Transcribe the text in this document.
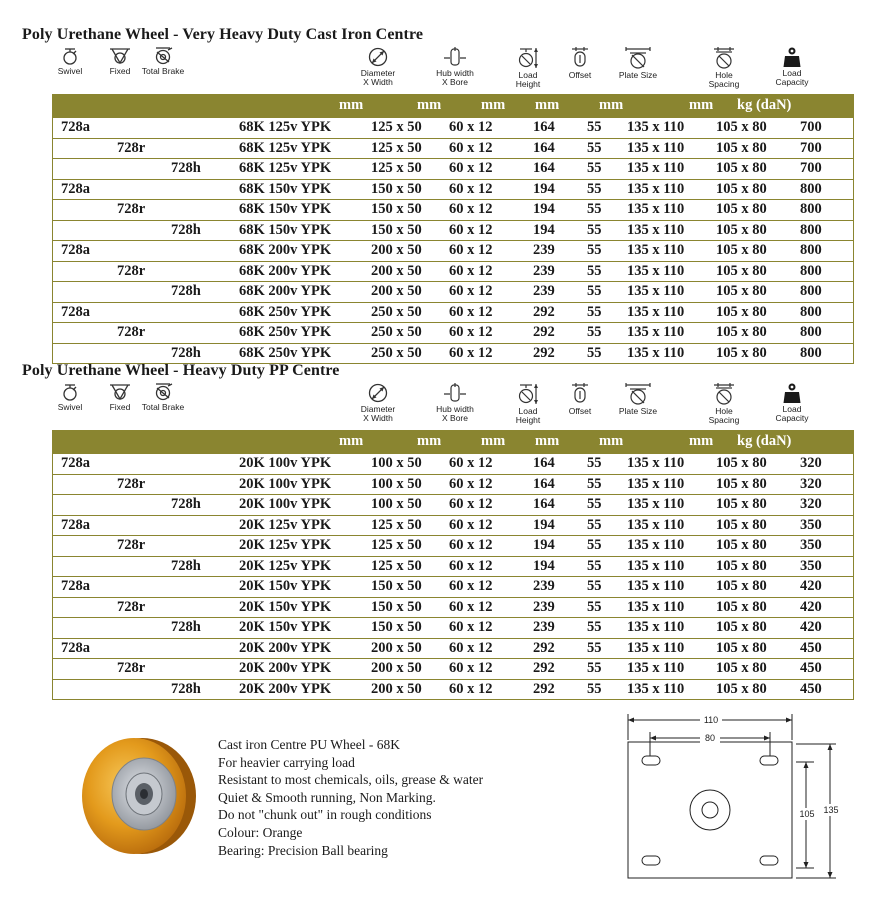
Poly Urethane Wheel - Very Heavy Duty Cast Iron Centre
Swivel	Fixed	Total Brake	Diameter
X Width
Hub width
X Bore
Load
Height
Offset	Plate Size	Hole
Spacing
Load
Capacity
mm	mm	mm mm	mm	mm kg (daN)
728a	68K 125v YPK	125 x 50 60 x 12	164 55 135 x 110 105 x 80 700
728r	68K 125v YPK	125 x 50 60 x 12	164 55 135 x 110 105 x 80 700
728h	68K 125v YPK	125 x 50 60 x 12	164 55 135 x 110 105 x 80 700
728a	68K 150v YPK	150 x 50 60 x 12	194 55 135 x 110 105 x 80 800
728r	68K 150v YPK	150 x 50 60 x 12	194 55 135 x 110 105 x 80 800
728h	68K 150v YPK	150 x 50 60 x 12	194 55 135 x 110 105 x 80 800
728a	68K 200v YPK	200 x 50 60 x 12	239 55 135 x 110 105 x 80 800
728r	68K 200v YPK	200 x 50 60 x 12	239 55 135 x 110 105 x 80 800
728h	68K 200v YPK	200 x 50 60 x 12	239 55 135 x 110 105 x 80 800
728a	68K 250v YPK	250 x 50 60 x 12	292 55 135 x 110 105 x 80 800
728r	68K 250v YPK	250 x 50 60 x 12	292 55 135 x 110 105 x 80 800
728h	68K 250v YPK	250 x 50 60 x 12	292 55 135 x 110 105 x 80 800
Poly Urethane Wheel - Heavy Duty PP Centre
Swivel	Fixed	Total Brake	Diameter
X Width
Hub width
X Bore
Load
Height
Offset	Plate Size	Hole
Spacing
Load
Capacity
mm	mm	mm mm	mm	mm kg (daN)
728a	20K 100v YPK	100 x 50 60 x 12	164 55 135 x 110 105 x 80 320
728r	20K 100v YPK	100 x 50 60 x 12	164 55 135 x 110 105 x 80 320
728h	20K 100v YPK	100 x 50 60 x 12	164 55 135 x 110 105 x 80 320
728a	20K 125v YPK	125 x 50 60 x 12	194 55 135 x 110 105 x 80 350
728r	20K 125v YPK	125 x 50 60 x 12	194 55 135 x 110 105 x 80 350
728h	20K 125v YPK	125 x 50 60 x 12	194 55 135 x 110 105 x 80 350
728a	20K 150v YPK	150 x 50 60 x 12	239 55 135 x 110 105 x 80 420
728r	20K 150v YPK	150 x 50 60 x 12	239 55 135 x 110 105 x 80 420
728h	20K 150v YPK	150 x 50 60 x 12	239 55 135 x 110 105 x 80 420
728a	20K 200v YPK	200 x 50 60 x 12	292 55 135 x 110 105 x 80 450
728r	20K 200v YPK	200 x 50 60 x 12	292 55 135 x 110 105 x 80 450
728h	20K 200v YPK	200 x 50 60 x 12	292 55 135 x 110 105 x 80 450
Cast iron Centre PU Wheel - 68K
For heavier carrying load
Resistant to most chemicals, oils, grease & water
Quiet & Smooth running, Non Marking.
Do not "chunk out" in rough conditions
Colour: Orange
Bearing: Precision Ball bearing
110
80
105 135
